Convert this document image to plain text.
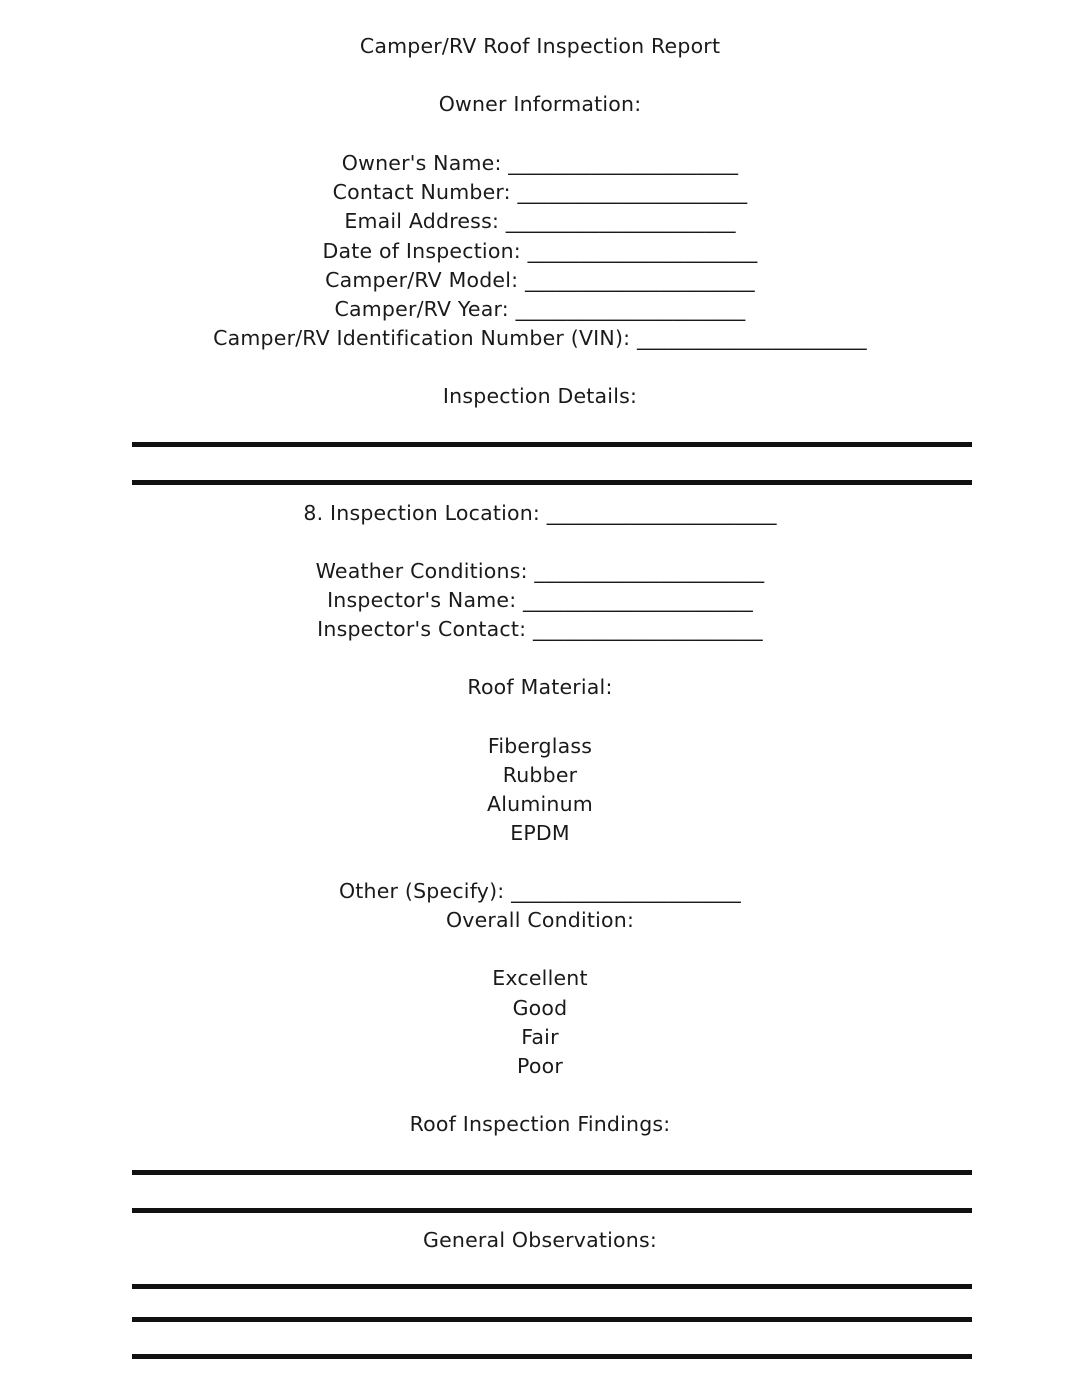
Camper/RV Roof Inspection Report
Owner Information:
Owner's Name: ______________________
Contact Number: ______________________
Email Address: ______________________
Date of Inspection: ______________________
Camper/RV Model: ______________________
Camper/RV Year: ______________________
Camper/RV Identification Number (VIN): ______________________
Inspection Details:
8. Inspection Location: ______________________
Weather Conditions: ______________________
Inspector's Name: ______________________
Inspector's Contact: ______________________
Roof Material:
Fiberglass
Rubber
Aluminum
EPDM
Other (Specify): ______________________
Overall Condition:
Excellent
Good
Fair
Poor
Roof Inspection Findings:
General Observations:
